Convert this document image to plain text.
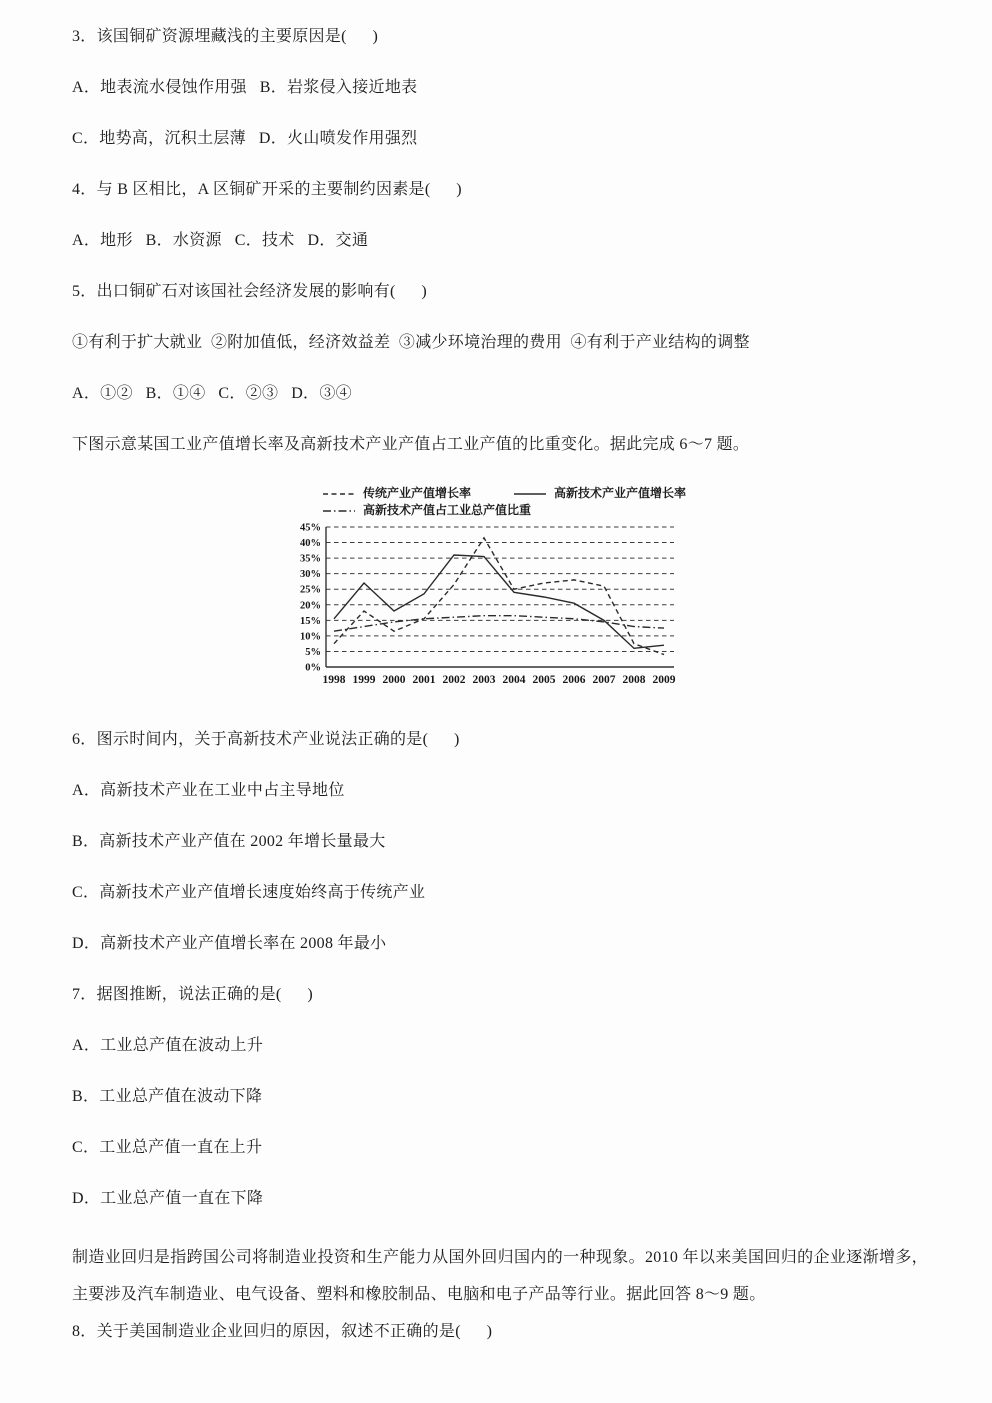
3．该国铜矿资源埋藏浅的主要原因是(      )
A．地表流水侵蚀作用强   B．岩浆侵入接近地表
C．地势高，沉积土层薄   D．火山喷发作用强烈
4．与 B 区相比，A 区铜矿开采的主要制约因素是(      )
A．地形   B．水资源   C．技术   D．交通
5．出口铜矿石对该国社会经济发展的影响有(      )
①有利于扩大就业  ②附加值低，经济效益差  ③减少环境治理的费用  ④有利于产业结构的调整
A．①②   B．①④   C．②③   D．③④
下图示意某国工业产值增长率及高新技术产业产值占工业产值的比重变化。据此完成 6～7 题。
传统产业产值增长率	高新技术产业产值增长率
高新技术产值占工业总产值比重
0%
5%
10%
15%
20%
25%
30%
35%
40%
45%
1998 1999 2000 2001 2002 2003 2004 2005 2006 2007 2008 2009
6．图示时间内，关于高新技术产业说法正确的是(      )
A．高新技术产业在工业中占主导地位
B．高新技术产业产值在 2002 年增长量最大
C．高新技术产业产值增长速度始终高于传统产业
D．高新技术产业产值增长率在 2008 年最小
7．据图推断，说法正确的是(      )
A．工业总产值在波动上升
B．工业总产值在波动下降
C．工业总产值一直在上升
D．工业总产值一直在下降

制造业回归是指跨国公司将制造业投资和生产能力从国外回归国内的一种现象。2010 年以来美国回归的企业逐渐增多，主要涉及汽车制造业、电气设备、塑料和橡胶制品、电脑和电子产品等行业。据此回答 8～9 题。

8．关于美国制造业企业回归的原因，叙述不正确的是(      )
